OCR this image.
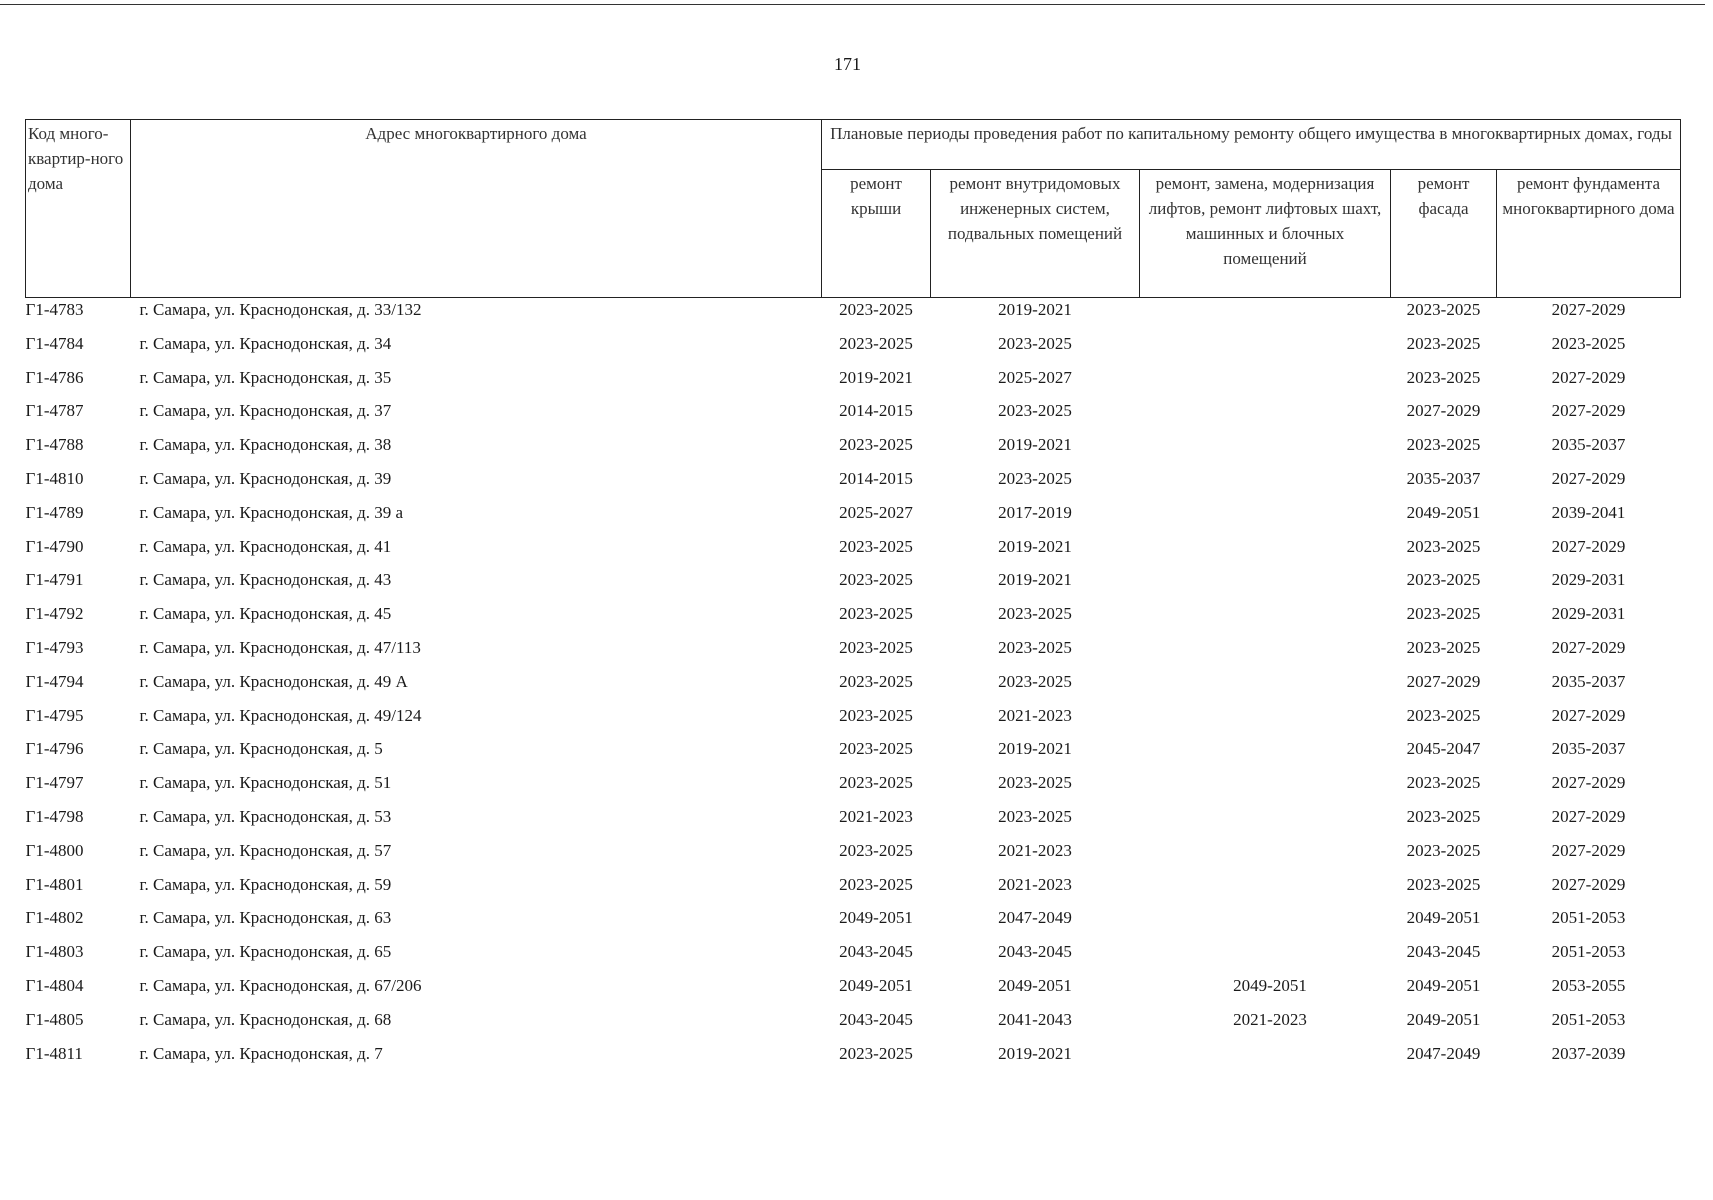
171
Код много-квартир-ного дома	Адрес многоквартирного дома	Плановые периоды проведения работ по капитальному ремонту общего имущества в многоквартирных домах, годы				
		ремонт крыши	ремонт внутридомовых инженерных систем, подвальных помещений	ремонт, замена, модернизация лифтов, ремонт лифтовых шахт, машинных и блочных помещений	ремонт фасада	ремонт фундамента многоквартирного дома
Г1-4783	г. Самара, ул. Краснодонская, д. 33/132	2023-2025	2019-2021		2023-2025	2027-2029
Г1-4784	г. Самара, ул. Краснодонская, д. 34	2023-2025	2023-2025		2023-2025	2023-2025
Г1-4786	г. Самара, ул. Краснодонская, д. 35	2019-2021	2025-2027		2023-2025	2027-2029
Г1-4787	г. Самара, ул. Краснодонская, д. 37	2014-2015	2023-2025		2027-2029	2027-2029
Г1-4788	г. Самара, ул. Краснодонская, д. 38	2023-2025	2019-2021		2023-2025	2035-2037
Г1-4810	г. Самара, ул. Краснодонская, д. 39	2014-2015	2023-2025		2035-2037	2027-2029
Г1-4789	г. Самара, ул. Краснодонская, д. 39 а	2025-2027	2017-2019		2049-2051	2039-2041
Г1-4790	г. Самара, ул. Краснодонская, д. 41	2023-2025	2019-2021		2023-2025	2027-2029
Г1-4791	г. Самара, ул. Краснодонская, д. 43	2023-2025	2019-2021		2023-2025	2029-2031
Г1-4792	г. Самара, ул. Краснодонская, д. 45	2023-2025	2023-2025		2023-2025	2029-2031
Г1-4793	г. Самара, ул. Краснодонская, д. 47/113	2023-2025	2023-2025		2023-2025	2027-2029
Г1-4794	г. Самара, ул. Краснодонская, д. 49 А	2023-2025	2023-2025		2027-2029	2035-2037
Г1-4795	г. Самара, ул. Краснодонская, д. 49/124	2023-2025	2021-2023		2023-2025	2027-2029
Г1-4796	г. Самара, ул. Краснодонская, д. 5	2023-2025	2019-2021		2045-2047	2035-2037
Г1-4797	г. Самара, ул. Краснодонская, д. 51	2023-2025	2023-2025		2023-2025	2027-2029
Г1-4798	г. Самара, ул. Краснодонская, д. 53	2021-2023	2023-2025		2023-2025	2027-2029
Г1-4800	г. Самара, ул. Краснодонская, д. 57	2023-2025	2021-2023		2023-2025	2027-2029
Г1-4801	г. Самара, ул. Краснодонская, д. 59	2023-2025	2021-2023		2023-2025	2027-2029
Г1-4802	г. Самара, ул. Краснодонская, д. 63	2049-2051	2047-2049		2049-2051	2051-2053
Г1-4803	г. Самара, ул. Краснодонская, д. 65	2043-2045	2043-2045		2043-2045	2051-2053
Г1-4804	г. Самара, ул. Краснодонская, д. 67/206	2049-2051	2049-2051	2049-2051	2049-2051	2053-2055
Г1-4805	г. Самара, ул. Краснодонская, д. 68	2043-2045	2041-2043	2021-2023	2049-2051	2051-2053
Г1-4811	г. Самара, ул. Краснодонская, д. 7	2023-2025	2019-2021		2047-2049	2037-2039
